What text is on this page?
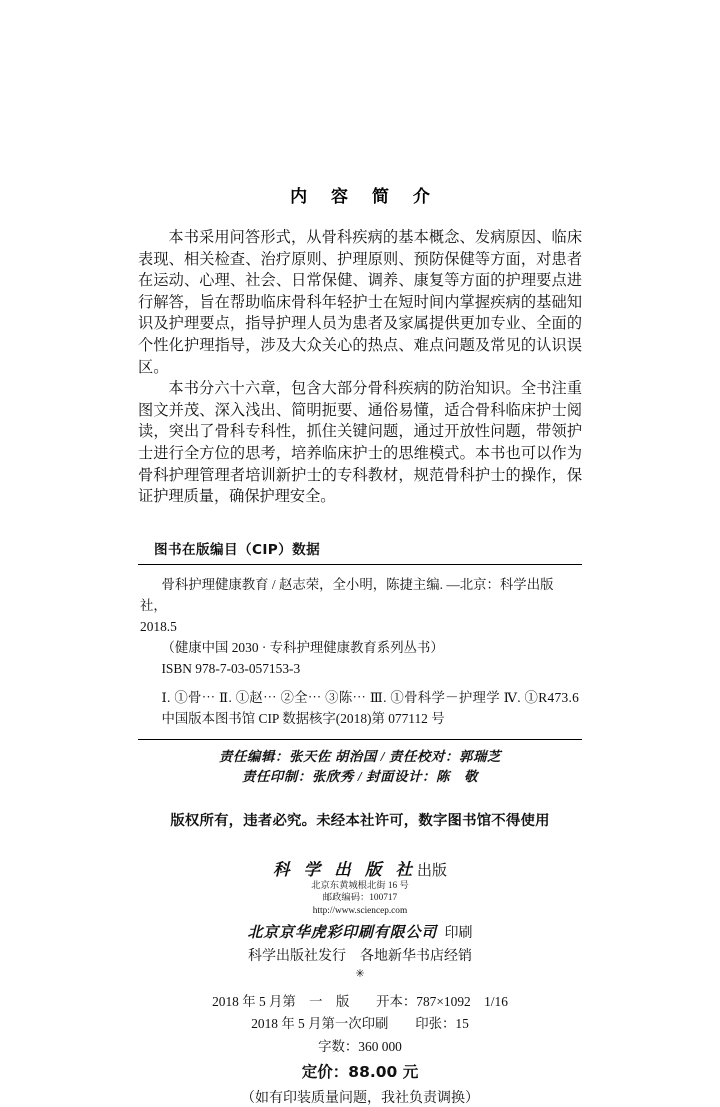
内 容 简 介

本书采用问答形式，从骨科疾病的基本概念、发病原因、临床表现、相关检查、治疗原则、护理原则、预防保健等方面，对患者在运动、心理、社会、日常保健、调养、康复等方面的护理要点进行解答，旨在帮助临床骨科年轻护士在短时间内掌握疾病的基础知识及护理要点，指导护理人员为患者及家属提供更加专业、全面的个性化护理指导，涉及大众关心的热点、难点问题及常见的认识误区。

本书分六十六章，包含大部分骨科疾病的防治知识。全书注重图文并茂、深入浅出、简明扼要、通俗易懂，适合骨科临床护士阅读，突出了骨科专科性，抓住关键问题，通过开放性问题，带领护士进行全方位的思考，培养临床护士的思维模式。本书也可以作为骨科护理管理者培训新护士的专科教材，规范骨科护士的操作，保证护理质量，确保护理安全。

图书在版编目（CIP）数据

骨科护理健康教育 / 赵志荣，全小明，陈捷主编. —北京：科学出版社，

2018.5

（健康中国 2030 · 专科护理健康教育系列丛书）

ISBN 978-7-03-057153-3

Ⅰ. ①骨⋯ Ⅱ. ①赵⋯ ②全⋯ ③陈⋯ Ⅲ. ①骨科学－护理学 Ⅳ. ①R473.6

中国版本图书馆 CIP 数据核字(2018)第 077112 号

责任编辑：张天佐 胡治国 / 责任校对：郭瑞芝
责任印制：张欣秀 / 封面设计：陈　敬
版权所有，违者必究。未经本社许可，数字图书馆不得使用
科 学 出 版 社出版
北京东黄城根北街 16 号
邮政编码：100717
http://www.sciencep.com
北京京华虎彩印刷有限公司 印刷
科学出版社发行　各地新华书店经销
✳
2018 年 5 月第　一　版　　 开本：787×1092　1/16
2018 年 5 月第一次印刷　　 印张：15
字数：360 000
定价：88.00 元
（如有印装质量问题，我社负责调换）
